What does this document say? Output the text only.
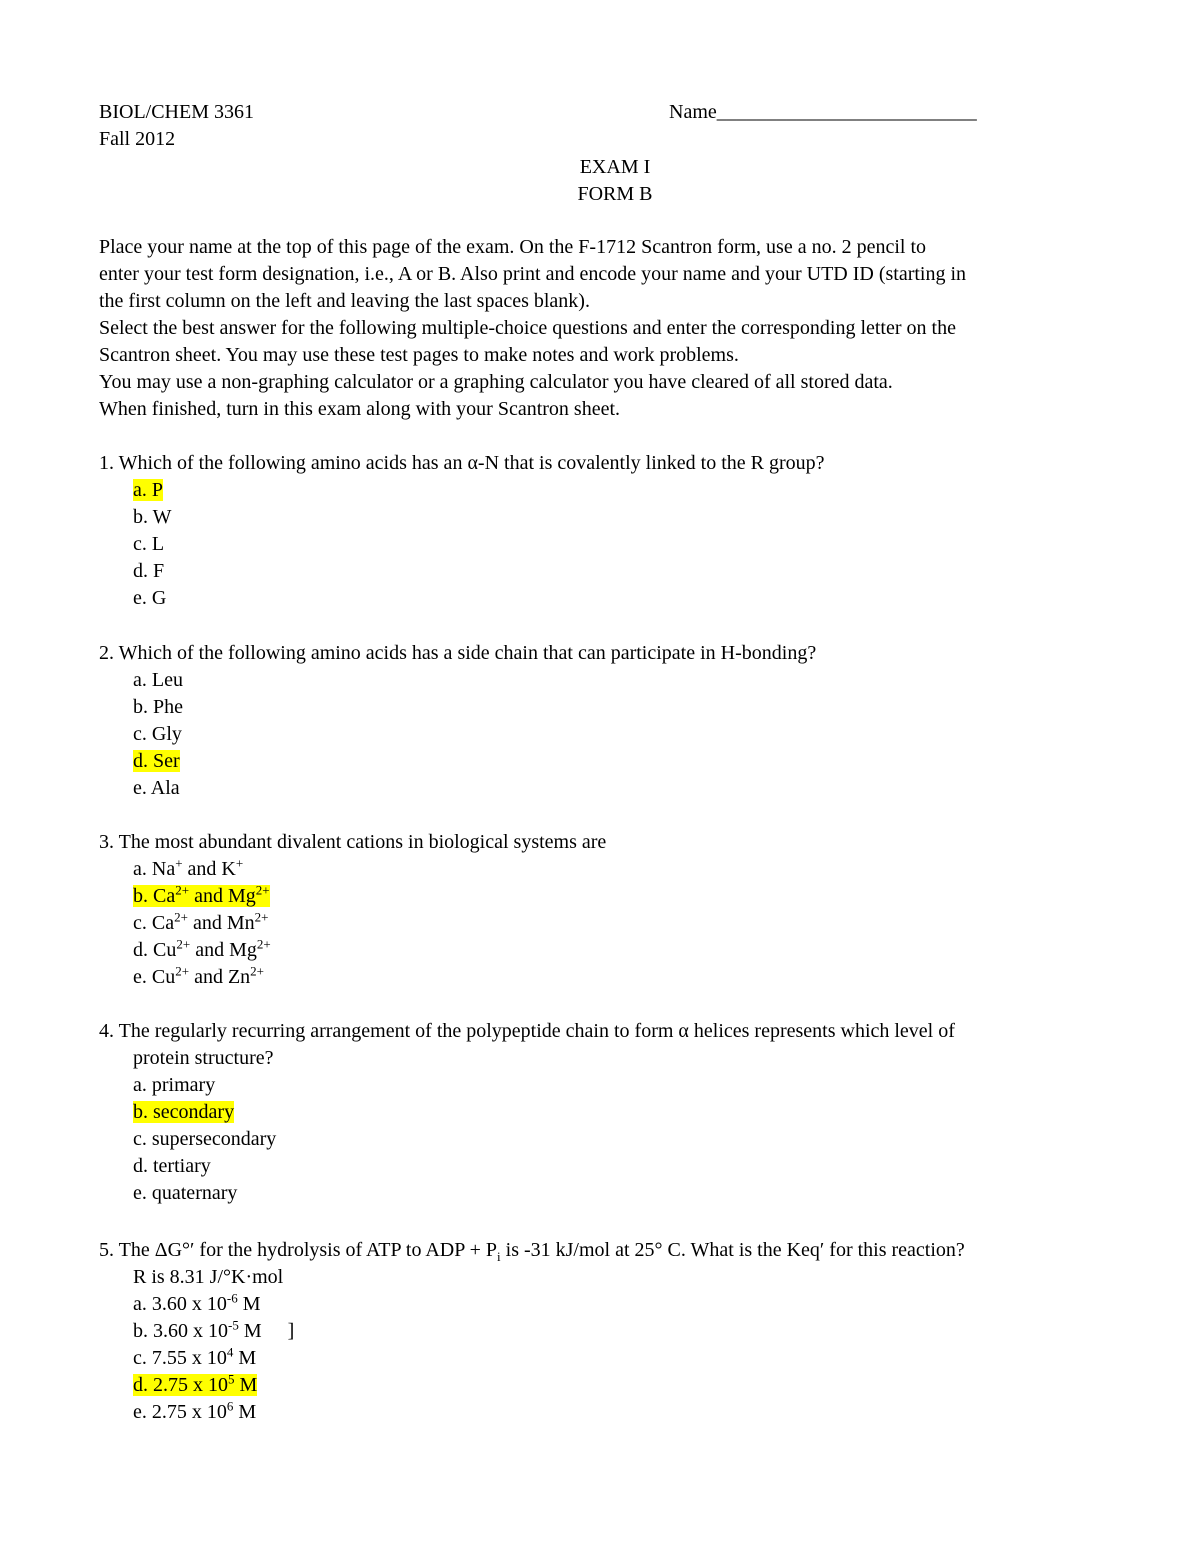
BIOL/CHEM 3361
Fall 2012
Name__________________________
EXAM I
FORM B
Place your name at the top of this page of the exam. On the F-1712 Scantron form, use a no. 2 pencil to
enter your test form designation, i.e., A or B. Also print and encode your name and your UTD ID (starting in
the first column on the left and leaving the last spaces blank).
Select the best answer for the following multiple-choice questions and enter the corresponding letter on the
Scantron sheet. You may use these test pages to make notes and work problems.
You may use a non-graphing calculator or a graphing calculator you have cleared of all stored data.
When finished, turn in this exam along with your Scantron sheet.
1. Which of the following amino acids has an α-N that is covalently linked to the R group?
a. P
b. W
c. L
d. F
e. G
2. Which of the following amino acids has a side chain that can participate in H-bonding?
a. Leu
b. Phe
c. Gly
d. Ser
e. Ala
3. The most abundant divalent cations in biological systems are
a. Na+ and K+
b. $Ca^{2+}$ and $Mg^{2+}$
c. $Ca^{2+}$ and $Mn^{2+}$
d. $Cu^{2+}$ and $Mg^{2+}$
e. $Cu^{2+}$ and $Zn^{2+}$
4. The regularly recurring arrangement of the polypeptide chain to form α helices represents which level of
protein structure?
a. primary
b. secondary
c. supersecondary
d. tertiary
e. quaternary
5. The ΔG°′ for the hydrolysis of ATP to ADP + $P_i$ is -31 kJ/mol at 25° C. What is the Keq′ for this reaction?
R is 8.31 J/°K·mol
a. 3.60 x $10^{-6}$ M
b. 3.60 x $10^{-5}$ M ]
c. 7.55 x $10^4$ M
d. 2.75 x $10^5$ M
e. 2.75 x $10^6$ M
